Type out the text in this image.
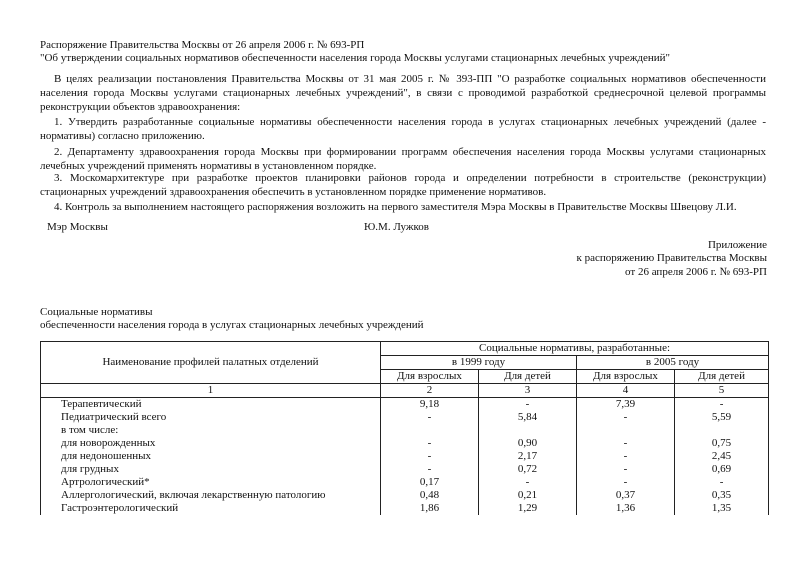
Распоряжение Правительства Москвы от 26 апреля 2006 г. № 693-РП
"Об утверждении социальных нормативов обеспеченности населения города Москвы услугами стационарных лечебных учреждений"
В целях реализации постановления Правительства Москвы от 31 мая 2005 г. № 393-ПП "О разработке социальных нормативов обеспеченности населения города Москвы услугами стационарных лечебных учреждений", в связи с проводимой разработкой среднесрочной целевой программы реконструкции объектов здравоохранения:
1. Утвердить разработанные социальные нормативы обеспеченности населения города в услугах стационарных лечебных учреждений (далее - нормативы) согласно приложению.
2. Департаменту здравоохранения города Москвы при формировании программ обеспечения населения города Москвы услугами стационарных лечебных учреждений применять нормативы в установленном порядке.
3. Москомархитектуре при разработке проектов планировки районов города и определении потребности в строительстве (реконструкции) стационарных учреждений здравоохранения обеспечить в установленном порядке применение нормативов.
4. Контроль за выполнением настоящего распоряжения возложить на первого заместителя Мэра Москвы в Правительстве Москвы Швецову Л.И.
Мэр Москвы	Ю.М. Лужков
Приложение
к распоряжению Правительства Москвы
от 26 апреля 2006 г. № 693-РП
Социальные нормативы
обеспеченности населения города в услугах стационарных лечебных учреждений
Наименование профилей палатных отделений	Социальные нормативы, разработанные:			
	в 1999 году		в 2005 году	
	Для взрослых	Для детей	Для взрослых	Для детей
1	2	3	4	5
Терапевтический	9,18	-	7,39	-
Педиатрический всего	-	5,84	-	5,59
в том числе:				
для новорожденных	-	0,90	-	0,75
для недоношенных	-	2,17	-	2,45
для грудных	-	0,72	-	0,69
Артрологический*	0,17	-	-	-
Аллергологический, включая лекарственную патологию	0,48	0,21	0,37	0,35
Гастроэнтерологический	1,86	1,29	1,36	1,35
